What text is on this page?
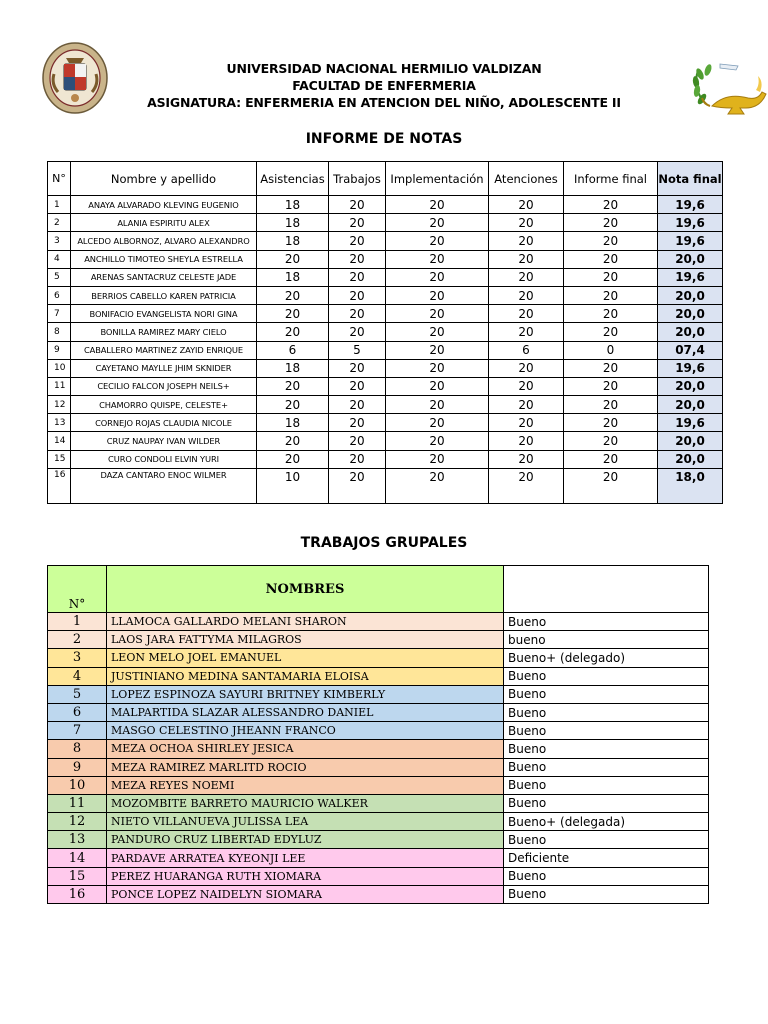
UNIVERSIDAD NACIONAL HERMILIO VALDIZAN
FACULTAD DE ENFERMERIA
ASIGNATURA: ENFERMERIA EN ATENCION DEL NIÑO, ADOLESCENTE II
INFORME DE NOTAS
N°	Nombre y apellido	Asistencias	Trabajos	Implementación	Atenciones	Informe final	Nota final
1	ANAYA ALVARADO KLEVING EUGENIO	18	20	20	20	20	19,6
2	ALANIA ESPIRITU ALEX	18	20	20	20	20	19,6
3	ALCEDO ALBORNOZ, ALVARO ALEXANDRO	18	20	20	20	20	19,6
4	ANCHILLO TIMOTEO SHEYLA ESTRELLA	20	20	20	20	20	20,0
5	ARENAS SANTACRUZ CELESTE JADE	18	20	20	20	20	19,6
6	BERRIOS CABELLO KAREN PATRICIA	20	20	20	20	20	20,0
7	BONIFACIO EVANGELISTA NORI GINA	20	20	20	20	20	20,0
8	BONILLA RAMIREZ MARY CIELO	20	20	20	20	20	20,0
9	CABALLERO MARTINEZ ZAYID ENRIQUE	6	5	20	6	0	07,4
10	CAYETANO MAYLLE JHIM SKNIDER	18	20	20	20	20	19,6
11	CECILIO FALCON JOSEPH NEILS+	20	20	20	20	20	20,0
12	CHAMORRO QUISPE, CELESTE+	20	20	20	20	20	20,0
13	CORNEJO ROJAS CLAUDIA NICOLE	18	20	20	20	20	19,6
14	CRUZ NAUPAY IVAN WILDER	20	20	20	20	20	20,0
15	CURO CONDOLI ELVIN YURI	20	20	20	20	20	20,0
16	DAZA CANTARO ENOC WILMER	10	20	20	20	20	18,0
TRABAJOS GRUPALES
N°	NOMBRES	
1	LLAMOCA GALLARDO MELANI SHARON	Bueno
2	LAOS JARA FATTYMA MILAGROS	bueno
3	LEON MELO JOEL EMANUEL	Bueno+ (delegado)
4	JUSTINIANO MEDINA SANTAMARIA ELOISA	Bueno
5	LOPEZ ESPINOZA SAYURI BRITNEY KIMBERLY	Bueno
6	MALPARTIDA SLAZAR ALESSANDRO DANIEL	Bueno
7	MASGO CELESTINO JHEANN FRANCO	Bueno
8	MEZA OCHOA SHIRLEY JESICA	Bueno
9	MEZA RAMIREZ MARLITD ROCIO	Bueno
10	MEZA REYES NOEMI	Bueno
11	MOZOMBITE BARRETO MAURICIO WALKER	Bueno
12	NIETO VILLANUEVA JULISSA LEA	Bueno+ (delegada)
13	PANDURO CRUZ LIBERTAD EDYLUZ	Bueno
14	PARDAVE ARRATEA KYEONJI LEE	Deficiente
15	PEREZ HUARANGA RUTH XIOMARA	Bueno
16	PONCE LOPEZ NAIDELYN SIOMARA	Bueno
